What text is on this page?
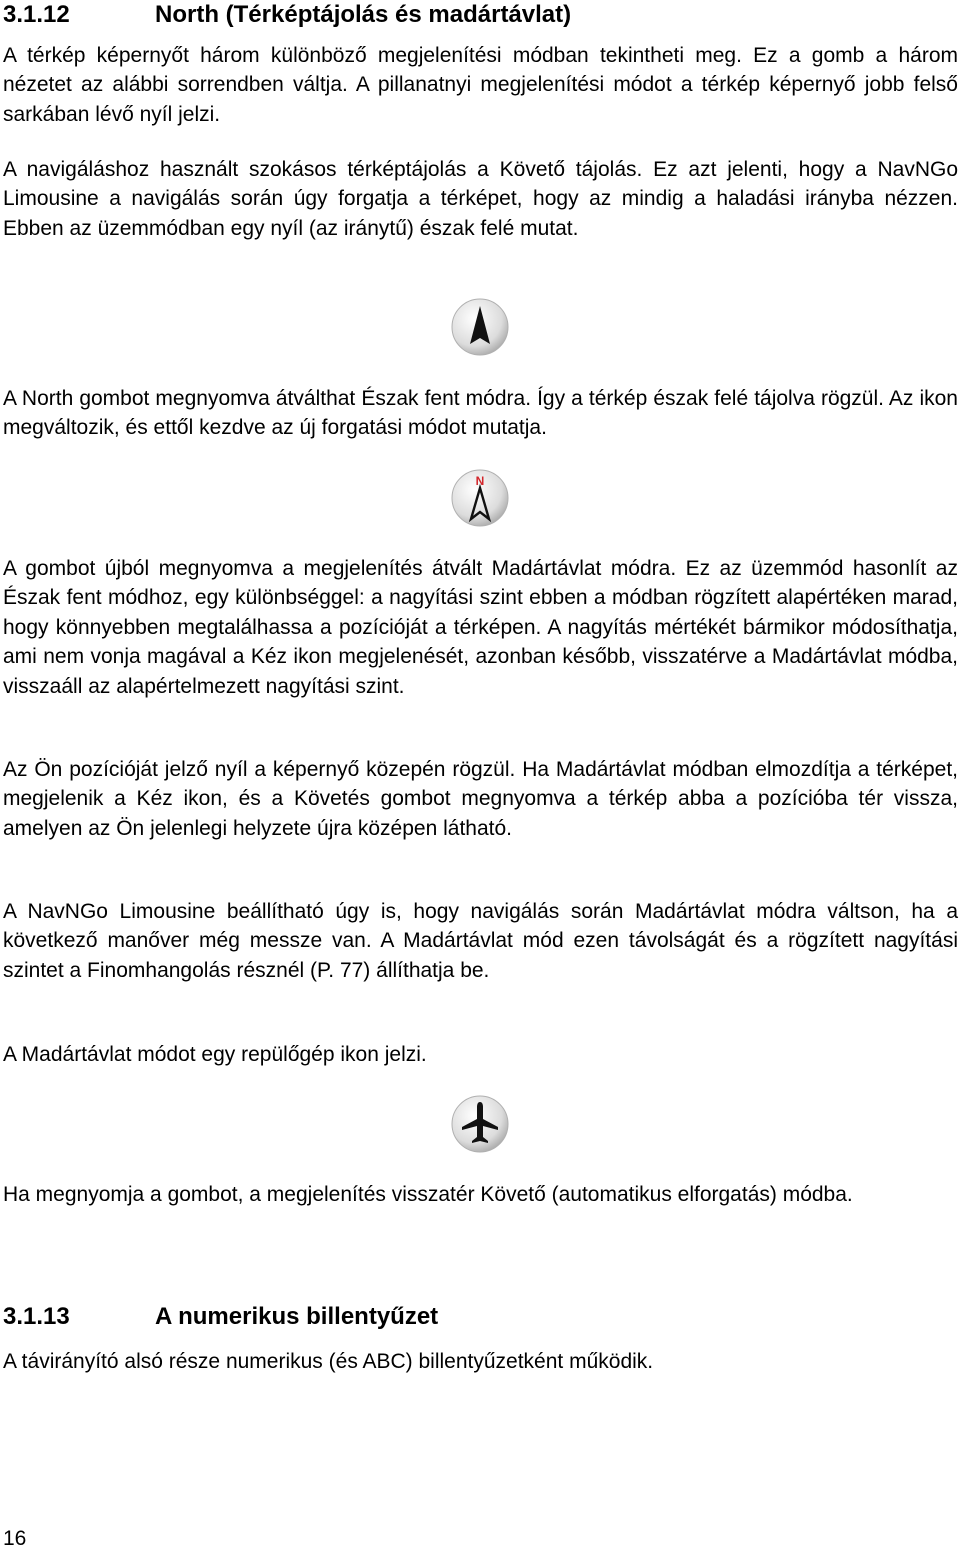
3.1.12	North (Térképtájolás és madártávlat)

A térkép képernyőt három különböző megjelenítési módban tekintheti meg. Ez a gomb a három nézetet az alábbi sorrendben váltja. A pillanatnyi megjelenítési módot a térkép képernyő jobb felső sarkában lévő nyíl jelzi.

A navigáláshoz használt szokásos térképtájolás a Követő tájolás. Ez azt jelenti, hogy a NavNGo Limousine a navigálás során úgy forgatja a térképet, hogy az mindig a haladási irányba nézzen. Ebben az üzemmódban egy nyíl (az iránytű) észak felé mutat.

A North gombot megnyomva átválthat Észak fent módra. Így a térkép észak felé tájolva rögzül. Az ikon megváltozik, és ettől kezdve az új forgatási módot mutatja.

N

A gombot újból megnyomva a megjelenítés átvált Madártávlat módra. Ez az üzemmód hasonlít az Észak fent módhoz, egy különbséggel: a nagyítási szint ebben a módban rögzített alapértéken marad, hogy könnyebben megtalálhassa a pozícióját a térképen. A nagyítás mértékét bármikor módosíthatja, ami nem vonja magával a Kéz ikon megjelenését, azonban később, visszatérve a Madártávlat módba, visszaáll az alapértelmezett nagyítási szint.

Az Ön pozícióját jelző nyíl a képernyő közepén rögzül. Ha Madártávlat módban elmozdítja a térképet, megjelenik a Kéz ikon, és a Követés gombot megnyomva a térkép abba a pozícióba tér vissza, amelyen az Ön jelenlegi helyzete újra középen látható.

A NavNGo Limousine beállítható úgy is, hogy navigálás során Madártávlat módra váltson, ha a következő manőver még messze van. A Madártávlat mód ezen távolságát és a rögzített nagyítási szintet a Finomhangolás résznél (P. 77) állíthatja be.

A Madártávlat módot egy repülőgép ikon jelzi.

Ha megnyomja a gombot, a megjelenítés visszatér Követő (automatikus elforgatás) módba.

3.1.13	A numerikus billentyűzet

A távirányító alsó része numerikus (és ABC) billentyűzetként működik.

16
